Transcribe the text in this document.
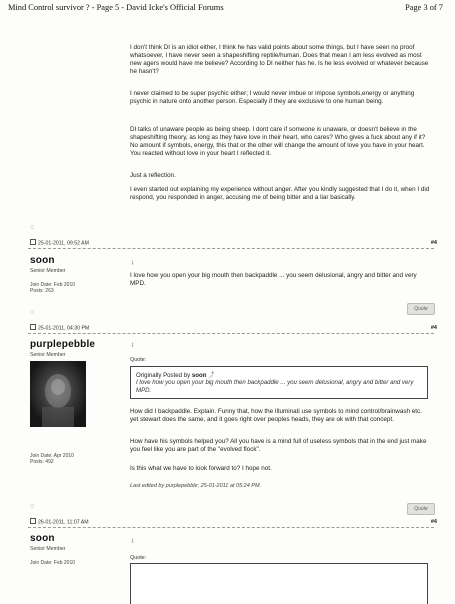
Mind Control survivor ? - Page 5 - David Icke's Official Forums	Page 3 of 7

I don't think DI is an idiot either, I think he has valid points about some things, but I have seen no proof whatsoever, I have never seen a shapeshifting reptile/human. Does that mean I am less evolved as most new agers would have me believe? According to DI neither has he. Is he less evolved or whatever because he hasn't?

I never claimed to be super psychic either; I would never imbue or impose symbols,energy or anything psychic in nature onto another person. Especially if they are exclusive to one human being.

DI talks of unaware people as being sheep. I dont care if someone is unaware, or doesn't believe in the shapeshifting theory, as long as they have love in their heart, who cares? Who gives a fuck about any if it? No amount if symbols, energy, this that or the other will change the amount of love you have in your heart. You reacted without love in your heart I reflected it.

Just a reflection.

I even started out explaining my experience without anger. After you kindly suggested that I do it, when I did respond, you responded in anger, accusing me of being bitter and a liar basically.

◌
25-01-2011, 09:52 AM	#4
soon
Senior Member
Join Date: Feb 2010
Posts: 263
↨

I love how you open your big mouth then backpaddle ... you seem delusional, angry and bitter and very MPD.

◌	Quote
25-01-2011, 04:30 PM	#4
purplepebble
Senior Member
Join Date: Apr 2010
Posts: 492
↨
Quote:
Originally Posted by soon ⤴

I love how you open your big mouth then backpaddle ... you seem delusional, angry and bitter and very MPD.

How did I backpaddle. Explain. Funny that, how the Illuminati use symbols to mind control/brainwash etc. yet stewart does the same, and it goes right over peoples heads, they are ok with that concept.

How have his symbols helped you? All you have is a mind full of useless symbols that in the end just make you feel like you are part of the "evolved flock".

Is this what we have to look forward to? I hope not.

Last edited by purplepebble; 25-01-2011 at 05:24 PM.
◌	Quote
26-01-2011, 11:07 AM	#4
soon
Senior Member
Join Date: Feb 2010
↨
Quote:
